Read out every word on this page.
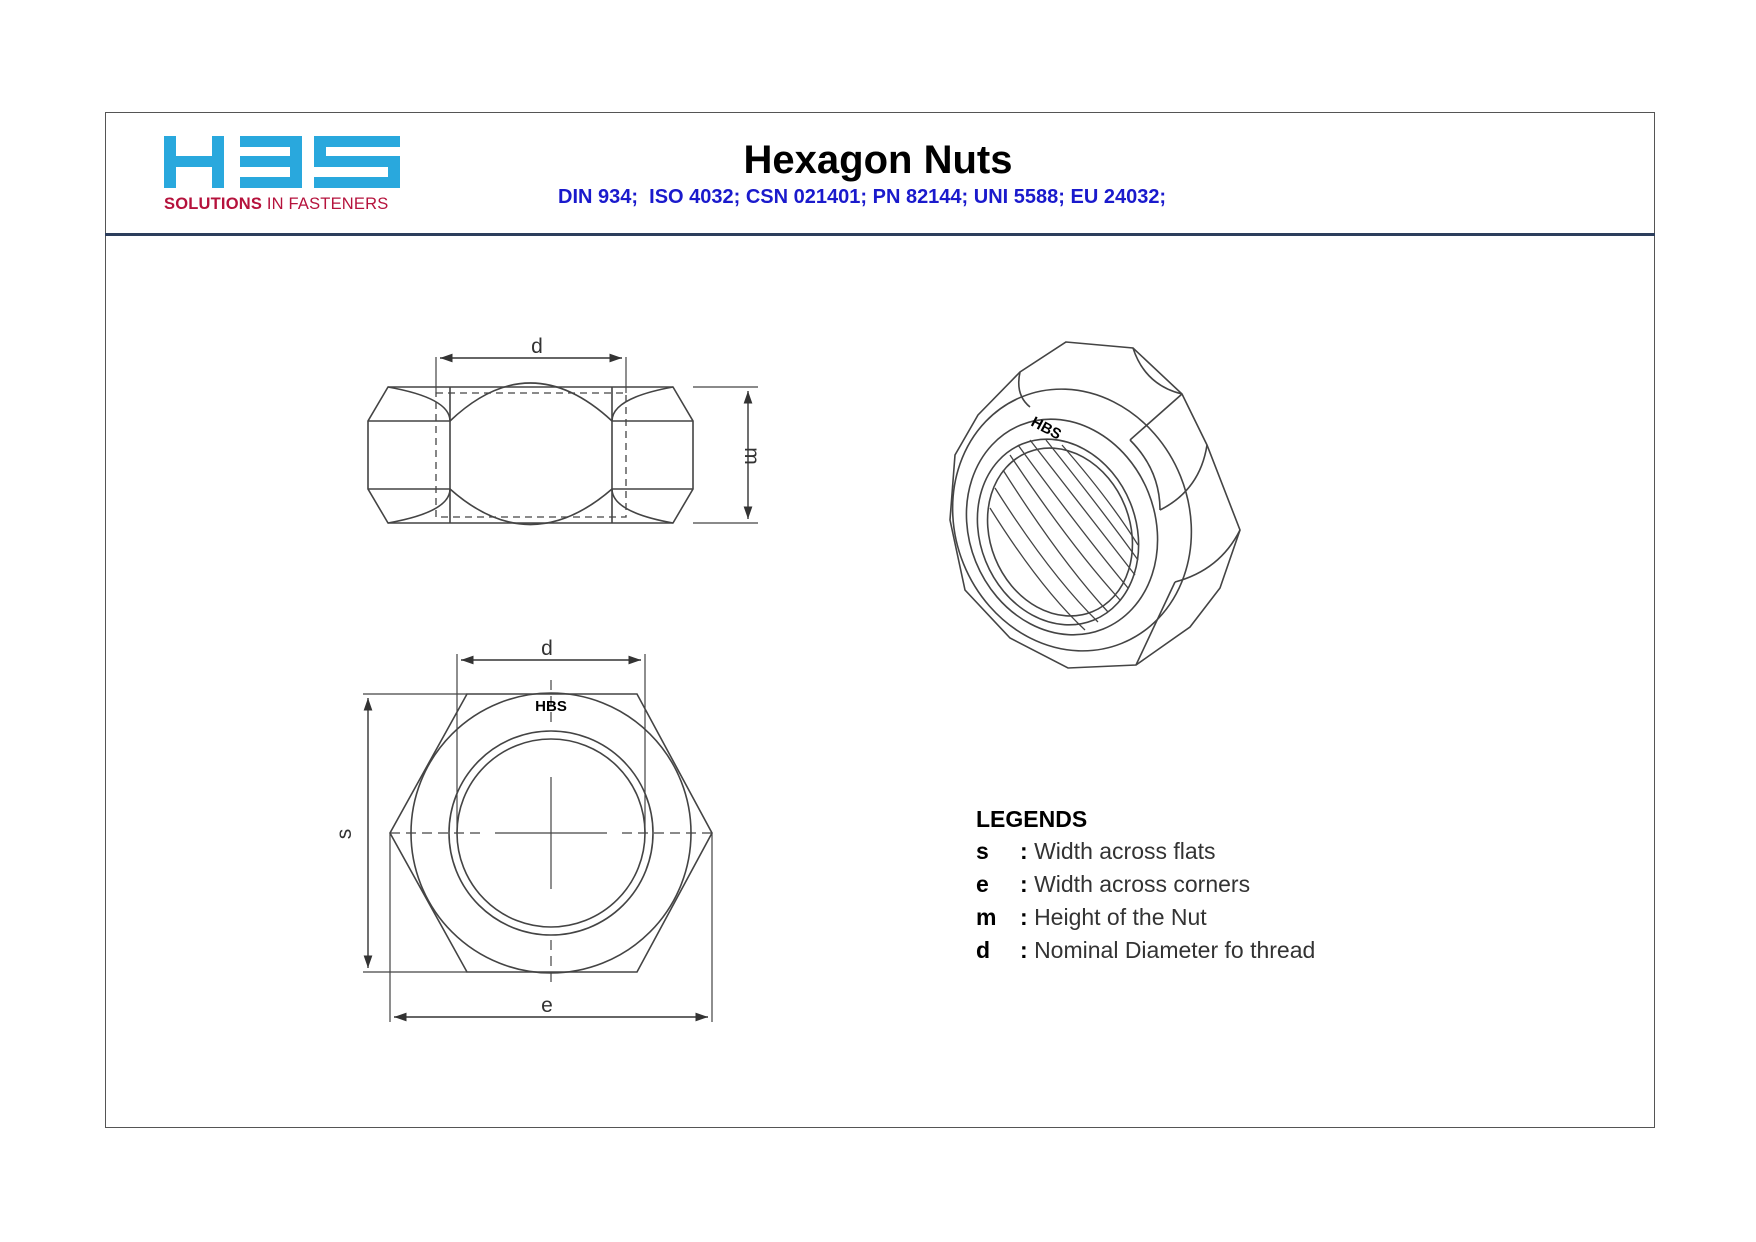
SOLUTIONS IN FASTENERS
Hexagon Nuts
DIN 934;  ISO 4032; CSN 021401; PN 82144; UNI 5588; EU 24032;
d
m
HBS
d
s
e
HBS
LEGENDS
s : Width across flats
e : Width across corners
m : Height of the Nut
d : Nominal Diameter fo thread
